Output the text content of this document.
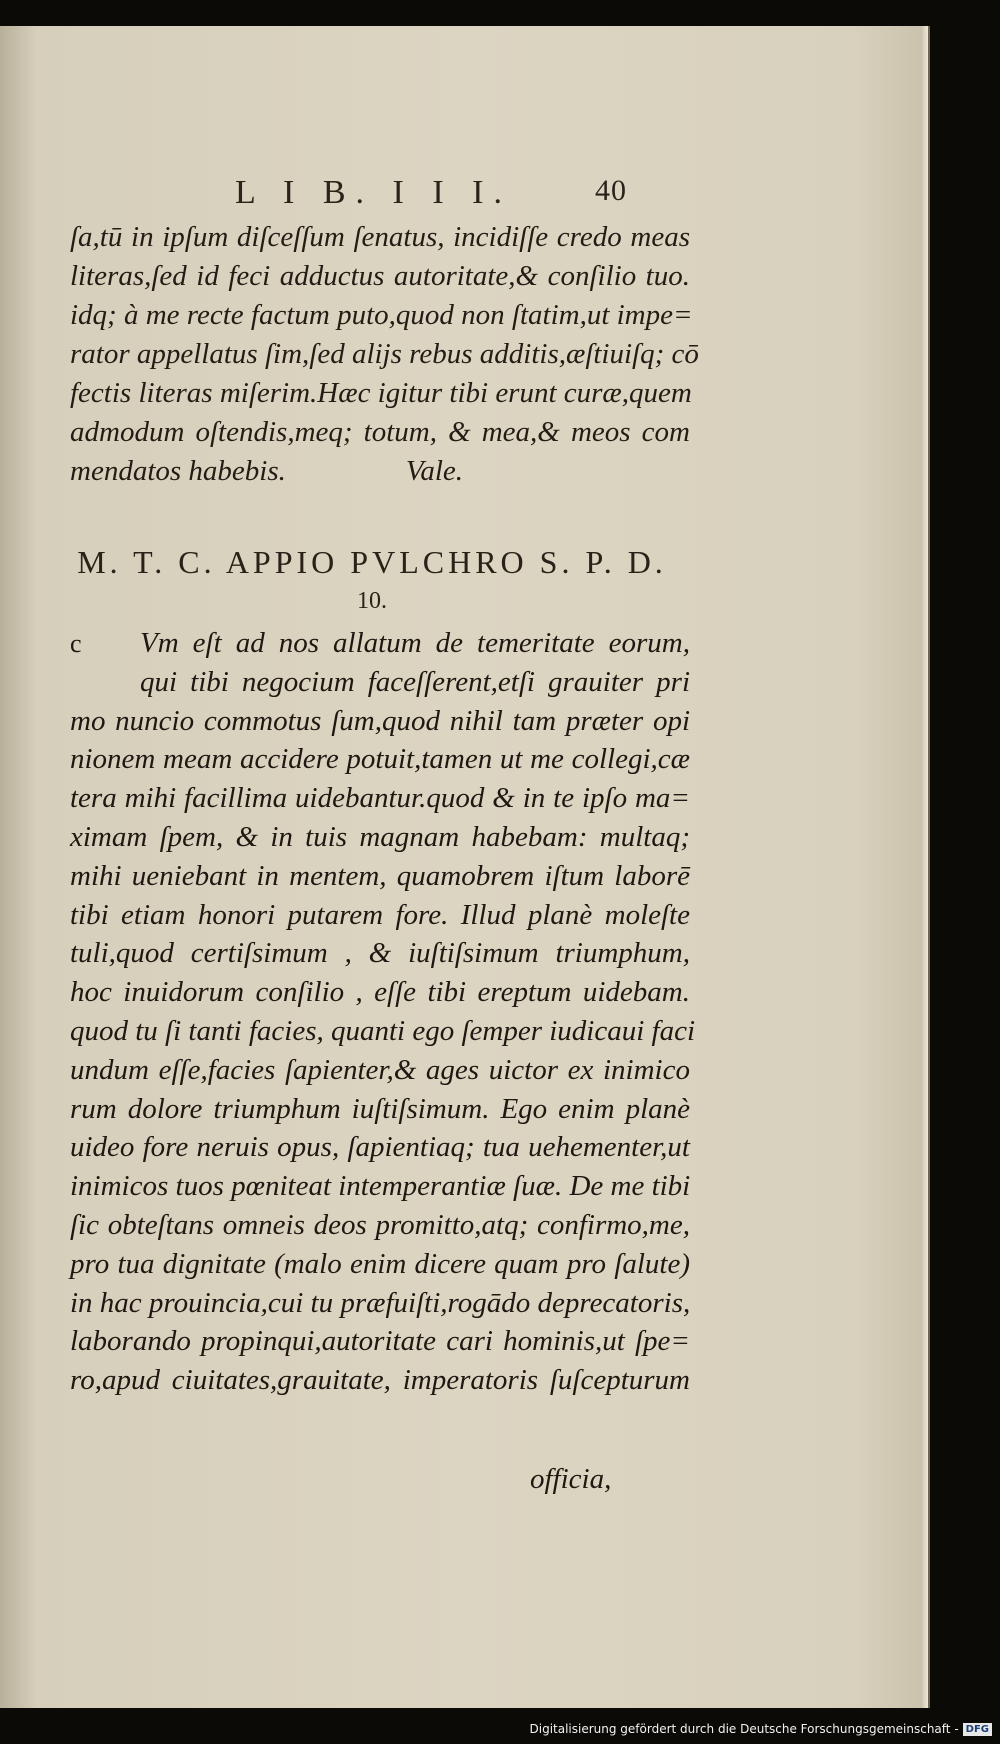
L I B. I I I.	40
ſa,tū in ipſum diſceſſum ſenatus, incidiſſe credo meas
literas,ſed id feci adductus autoritate,& conſilio tuo.
idq; à me recte factum puto,quod non ſtatim,ut impe=
rator appellatus ſim,ſed alijs rebus additis,æſtiuiſq; cō
fectis literas miſerim.Hæc igitur tibi erunt curæ,quem
admodum oſtendis,meq; totum, & mea,& meos com
mendatos habebis.	Vale.
M. T. C. APPIO PVLCHRO S. P. D.
10.
c Vm eſt ad nos allatum de temeritate eorum,
qui tibi negocium faceſſerent,etſi grauiter pri
mo nuncio commotus ſum,quod nihil tam præter opi
nionem meam accidere potuit,tamen ut me collegi,cæ
tera mihi facillima uidebantur.quod & in te ipſo ma=
ximam ſpem, & in tuis magnam habebam: multaq;
mihi ueniebant in mentem, quamobrem iſtum laborē
tibi etiam honori putarem fore. Illud planè moleſte
tuli,quod certiſsimum , & iuſtiſsimum triumphum,
hoc inuidorum conſilio , eſſe tibi ereptum uidebam.
quod tu ſi tanti facies, quanti ego ſemper iudicaui faci
undum eſſe,facies ſapienter,& ages uictor ex inimico
rum dolore triumphum iuſtiſsimum. Ego enim planè
uideo fore neruis opus, ſapientiaq; tua uehementer,ut
inimicos tuos pœniteat intemperantiæ ſuæ. De me tibi
ſic obteſtans omneis deos promitto,atq; confirmo,me,
pro tua dignitate (malo enim dicere quam pro ſalute)
in hac prouincia,cui tu præfuiſti,rogādo deprecatoris,
laborando propinqui,autoritate cari hominis,ut ſpe=
ro,apud ciuitates,grauitate, imperatoris ſuſcepturum
officia,
Digitalisierung gefördert durch die Deutsche Forschungsgemeinschaft - DFG
